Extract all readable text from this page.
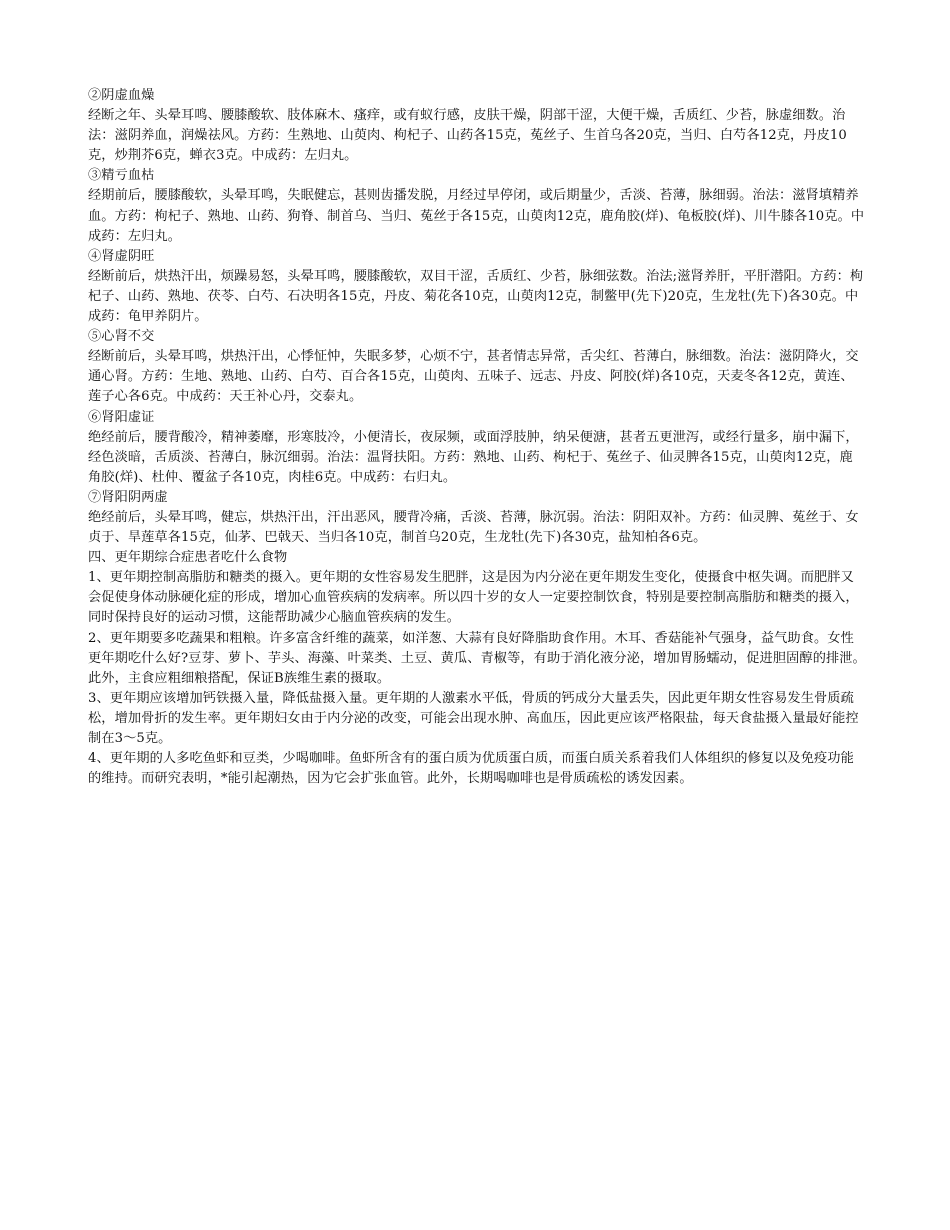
②阴虚血燥
经断之年、头晕耳鸣、腰膝酸软、肢体麻木、瘙痒，或有蚁行感，皮肤干燥，阴部干涩，大便干燥，舌质红、少苔，脉虚细数。治法：滋阴养血，润燥祛风。方药：生熟地、山萸肉、枸杞子、山药各15克，菟丝子、生首乌各20克，当归、白芍各12克，丹皮10克，炒荆芥6克，蝉衣3克。中成药：左归丸。
③精亏血枯
经期前后，腰膝酸软，头晕耳鸣，失眠健忘，甚则齿播发脱，月经过早停闭，或后期量少，舌淡、苔薄，脉细弱。治法：滋肾填精养血。方药：枸杞子、熟地、山药、狗脊、制首乌、当归、菟丝于各15克，山萸肉12克，鹿角胶(烊)、龟板胶(烊)、川牛膝各10克。中成药：左归丸。
④肾虚阴旺
经断前后，烘热汗出，烦躁易怒，头晕耳鸣，腰膝酸软，双目干涩，舌质红、少苔，脉细弦数。治法;滋肾养肝，平肝潜阳。方药：枸杞子、山药、熟地、茯苓、白芍、石决明各15克，丹皮、菊花各10克，山萸肉12克，制鳖甲(先下)20克，生龙牡(先下)各30克。中成药：龟甲养阴片。
⑤心肾不交
经断前后，头晕耳鸣，烘热汗出，心悸怔忡，失眠多梦，心烦不宁，甚者情志异常，舌尖红、苔薄白，脉细数。治法：滋阴降火，交通心肾。方药：生地、熟地、山药、白芍、百合各15克，山萸肉、五味子、远志、丹皮、阿胶(烊)各10克，天麦冬各12克，黄连、莲子心各6克。中成药：天王补心丹，交泰丸。
⑥肾阳虚证
绝经前后，腰背酸冷，精神萎靡，形寒肢冷，小便清长，夜尿频，或面浮肢肿，纳呆便溏，甚者五更泄泻，或经行量多，崩中漏下，经色淡暗，舌质淡、苔薄白，脉沉细弱。治法：温肾扶阳。方药：熟地、山药、枸杞于、菟丝子、仙灵脾各15克，山萸肉12克，鹿角胶(烊)、杜仲、覆盆子各10克，肉桂6克。中成药：右归丸。
⑦肾阳阴两虚
绝经前后，头晕耳鸣，健忘，烘热汗出，汗出恶风，腰背冷痛，舌淡、苔薄，脉沉弱。治法：阴阳双补。方药：仙灵脾、菟丝于、女贞于、旱莲草各15克，仙茅、巴戟天、当归各10克，制首乌20克，生龙牡(先下)各30克，盐知柏各6克。
四、更年期综合症患者吃什么食物
1、更年期控制高脂肪和糖类的摄入。更年期的女性容易发生肥胖，这是因为内分泌在更年期发生变化，使摄食中枢失调。而肥胖又会促使身体动脉硬化症的形成，增加心血管疾病的发病率。所以四十岁的女人一定要控制饮食，特别是要控制高脂肪和糖类的摄入，同时保持良好的运动习惯，这能帮助减少心脑血管疾病的发生。
2、更年期要多吃蔬果和粗粮。许多富含纤维的蔬菜，如洋葱、大蒜有良好降脂助食作用。木耳、香菇能补气强身，益气助食。女性更年期吃什么好?豆芽、萝卜、芋头、海藻、叶菜类、土豆、黄瓜、青椒等，有助于消化液分泌，增加胃肠蠕动，促进胆固醇的排泄。此外，主食应粗细粮搭配，保证B族维生素的摄取。
3、更年期应该增加钙铁摄入量，降低盐摄入量。更年期的人激素水平低，骨质的钙成分大量丢失，因此更年期女性容易发生骨质疏松，增加骨折的发生率。更年期妇女由于内分泌的改变，可能会出现水肿、高血压，因此更应该严格限盐，每天食盐摄入量最好能控制在3～5克。
4、更年期的人多吃鱼虾和豆类，少喝咖啡。鱼虾所含有的蛋白质为优质蛋白质，而蛋白质关系着我们人体组织的修复以及免疫功能的维持。而研究表明，*能引起潮热，因为它会扩张血管。此外，长期喝咖啡也是骨质疏松的诱发因素。
